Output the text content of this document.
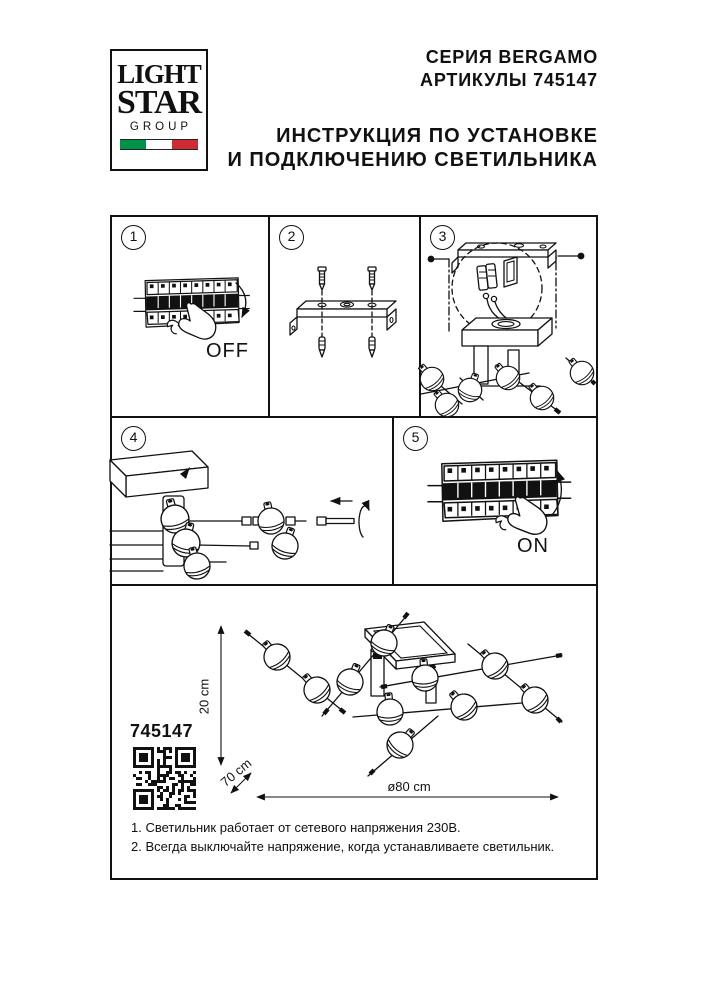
LIGHT
STAR
GROUP
СЕРИЯ BERGAMO
АРТИКУЛЫ 745147
ИНСТРУКЦИЯ ПО УСТАНОВКЕ
И ПОДКЛЮЧЕНИЮ СВЕТИЛЬНИКА
1	2	3
4	5
OFF
ON
20 cm
70 cm	ø80 cm
745147
1. Светильник работает от сетевого напряжения 230В.
2. Всегда выключайте напряжение, когда устанавливаете светильник.
